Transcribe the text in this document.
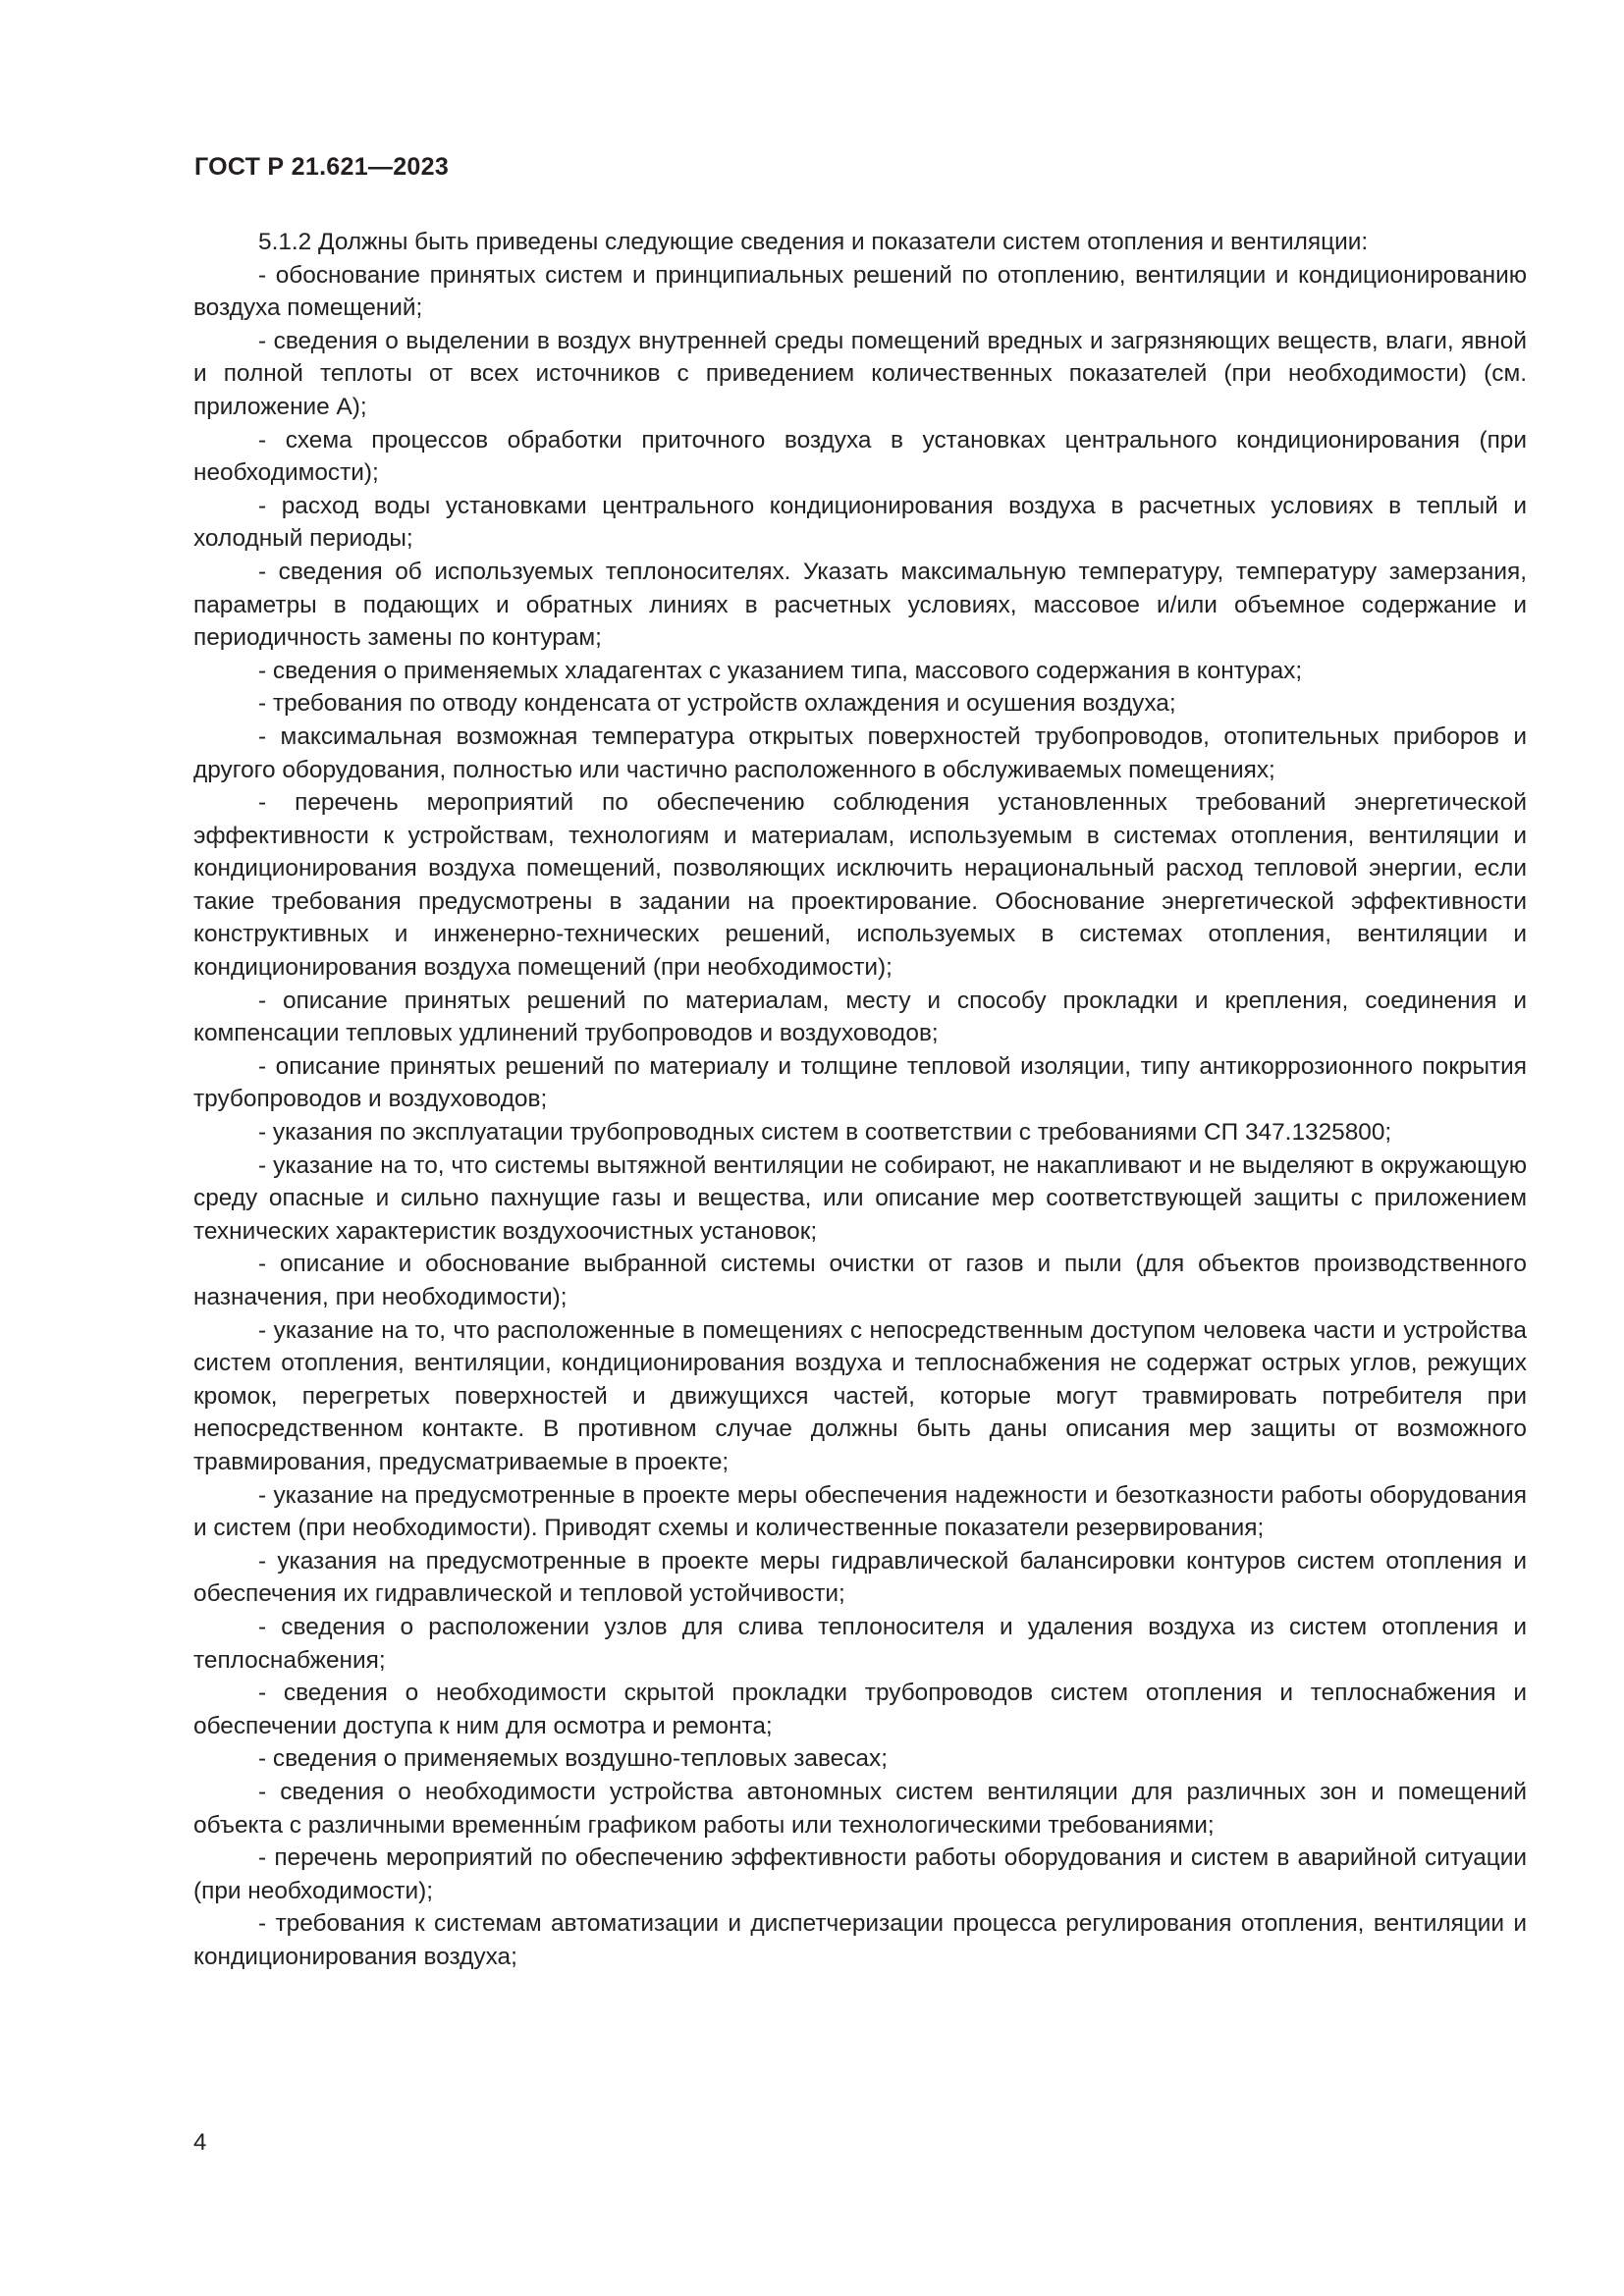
ГОСТ Р 21.621—2023

5.1.2 Должны быть приведены следующие сведения и показатели систем отопления и вентиляции:

- обоснование принятых систем и принципиальных решений по отоплению, вентиляции и кондиционированию воздуха помещений;

- сведения о выделении в воздух внутренней среды помещений вредных и загрязняющих веществ, влаги, явной и полной теплоты от всех источников с приведением количественных показателей (при необходимости) (см. приложение А);

- схема процессов обработки приточного воздуха в установках центрального кондиционирования (при необходимости);

- расход воды установками центрального кондиционирования воздуха в расчетных условиях в теплый и холодный периоды;

- сведения об используемых теплоносителях. Указать максимальную температуру, температуру замерзания, параметры в подающих и обратных линиях в расчетных условиях, массовое и/или объемное содержание и периодичность замены по контурам;

- сведения о применяемых хладагентах с указанием типа, массового содержания в контурах;

- требования по отводу конденсата от устройств охлаждения и осушения воздуха;

- максимальная возможная температура открытых поверхностей трубопроводов, отопительных приборов и другого оборудования, полностью или частично расположенного в обслуживаемых помещениях;

- перечень мероприятий по обеспечению соблюдения установленных требований энергетической эффективности к устройствам, технологиям и материалам, используемым в системах отопления, вентиляции и кондиционирования воздуха помещений, позволяющих исключить нерациональный расход тепловой энергии, если такие требования предусмотрены в задании на проектирование. Обоснование энергетической эффективности конструктивных и инженерно-технических решений, используемых в системах отопления, вентиляции и кондиционирования воздуха помещений (при необходимости);

- описание принятых решений по материалам, месту и способу прокладки и крепления, соединения и компенсации тепловых удлинений трубопроводов и воздуховодов;

- описание принятых решений по материалу и толщине тепловой изоляции, типу антикоррозионного покрытия трубопроводов и воздуховодов;

- указания по эксплуатации трубопроводных систем в соответствии с требованиями СП 347.1325800;

- указание на то, что системы вытяжной вентиляции не собирают, не накапливают и не выделяют в окружающую среду опасные и сильно пахнущие газы и вещества, или описание мер соответствующей защиты с приложением технических характеристик воздухоочистных установок;

- описание и обоснование выбранной системы очистки от газов и пыли (для объектов производственного назначения, при необходимости);

- указание на то, что расположенные в помещениях с непосредственным доступом человека части и устройства систем отопления, вентиляции, кондиционирования воздуха и теплоснабжения не содержат острых углов, режущих кромок, перегретых поверхностей и движущихся частей, которые могут травмировать потребителя при непосредственном контакте. В противном случае должны быть даны описания мер защиты от возможного травмирования, предусматриваемые в проекте;

- указание на предусмотренные в проекте меры обеспечения надежности и безотказности работы оборудования и систем (при необходимости). Приводят схемы и количественные показатели резервирования;

- указания на предусмотренные в проекте меры гидравлической балансировки контуров систем отопления и обеспечения их гидравлической и тепловой устойчивости;

- сведения о расположении узлов для слива теплоносителя и удаления воздуха из систем отопления и теплоснабжения;

- сведения о необходимости скрытой прокладки трубопроводов систем отопления и теплоснабжения и обеспечении доступа к ним для осмотра и ремонта;

- сведения о применяемых воздушно-тепловых завесах;

- сведения о необходимости устройства автономных систем вентиляции для различных зон и помещений объекта с различными временны́м графиком работы или технологическими требованиями;

- перечень мероприятий по обеспечению эффективности работы оборудования и систем в аварийной ситуации (при необходимости);

- требования к системам автоматизации и диспетчеризации процесса регулирования отопления, вентиляции и кондиционирования воздуха;

4
